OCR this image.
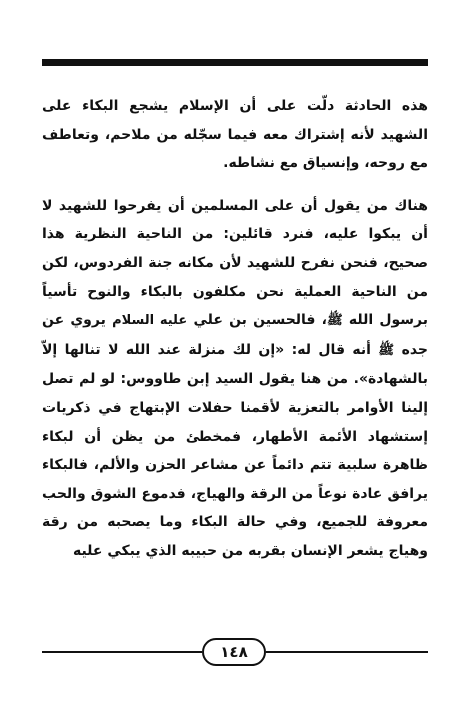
هذه الحادثة دلّت على أن الإسلام يشجع البكاء على الشهيد لأنه إشتراك معه فيما سجّله من ملاحم، وتعاطف مع روحه، وإنسياق مع نشاطه.

هناك من يقول أن على المسلمين أن يفرحوا للشهيد لا أن يبكوا عليه، فنرد قائلين: من الناحية النظرية هذا صحيح، فنحن نفرح للشهيد لأن مكانه جنة الفردوس، لكن من الناحية العملية نحن مكلفون بالبكاء والنوح تأسياً برسول الله ﷺ، فالحسين بن علي عليه السلام يروي عن جده ﷺ أنه قال له: «إن لك منزلة عند الله لا تنالها إلاّ بالشهادة». من هنا يقول السيد إبن طاووس: لو لم تصل إلينا الأوامر بالتعزية لأقمنا حفلات الإبتهاج في ذكريات إستشهاد الأئمة الأطهار، فمخطئ من يظن أن لبكاء ظاهرة سلبية تتم دائماً عن مشاعر الحزن والألم، فالبكاء يرافق عادة نوعاً من الرقة والهياج، فدموع الشوق والحب معروفة للجميع، وفي حالة البكاء وما يصحبه من رقة وهياج يشعر الإنسان بقربه من حبيبه الذي يبكي عليه

١٤٨
